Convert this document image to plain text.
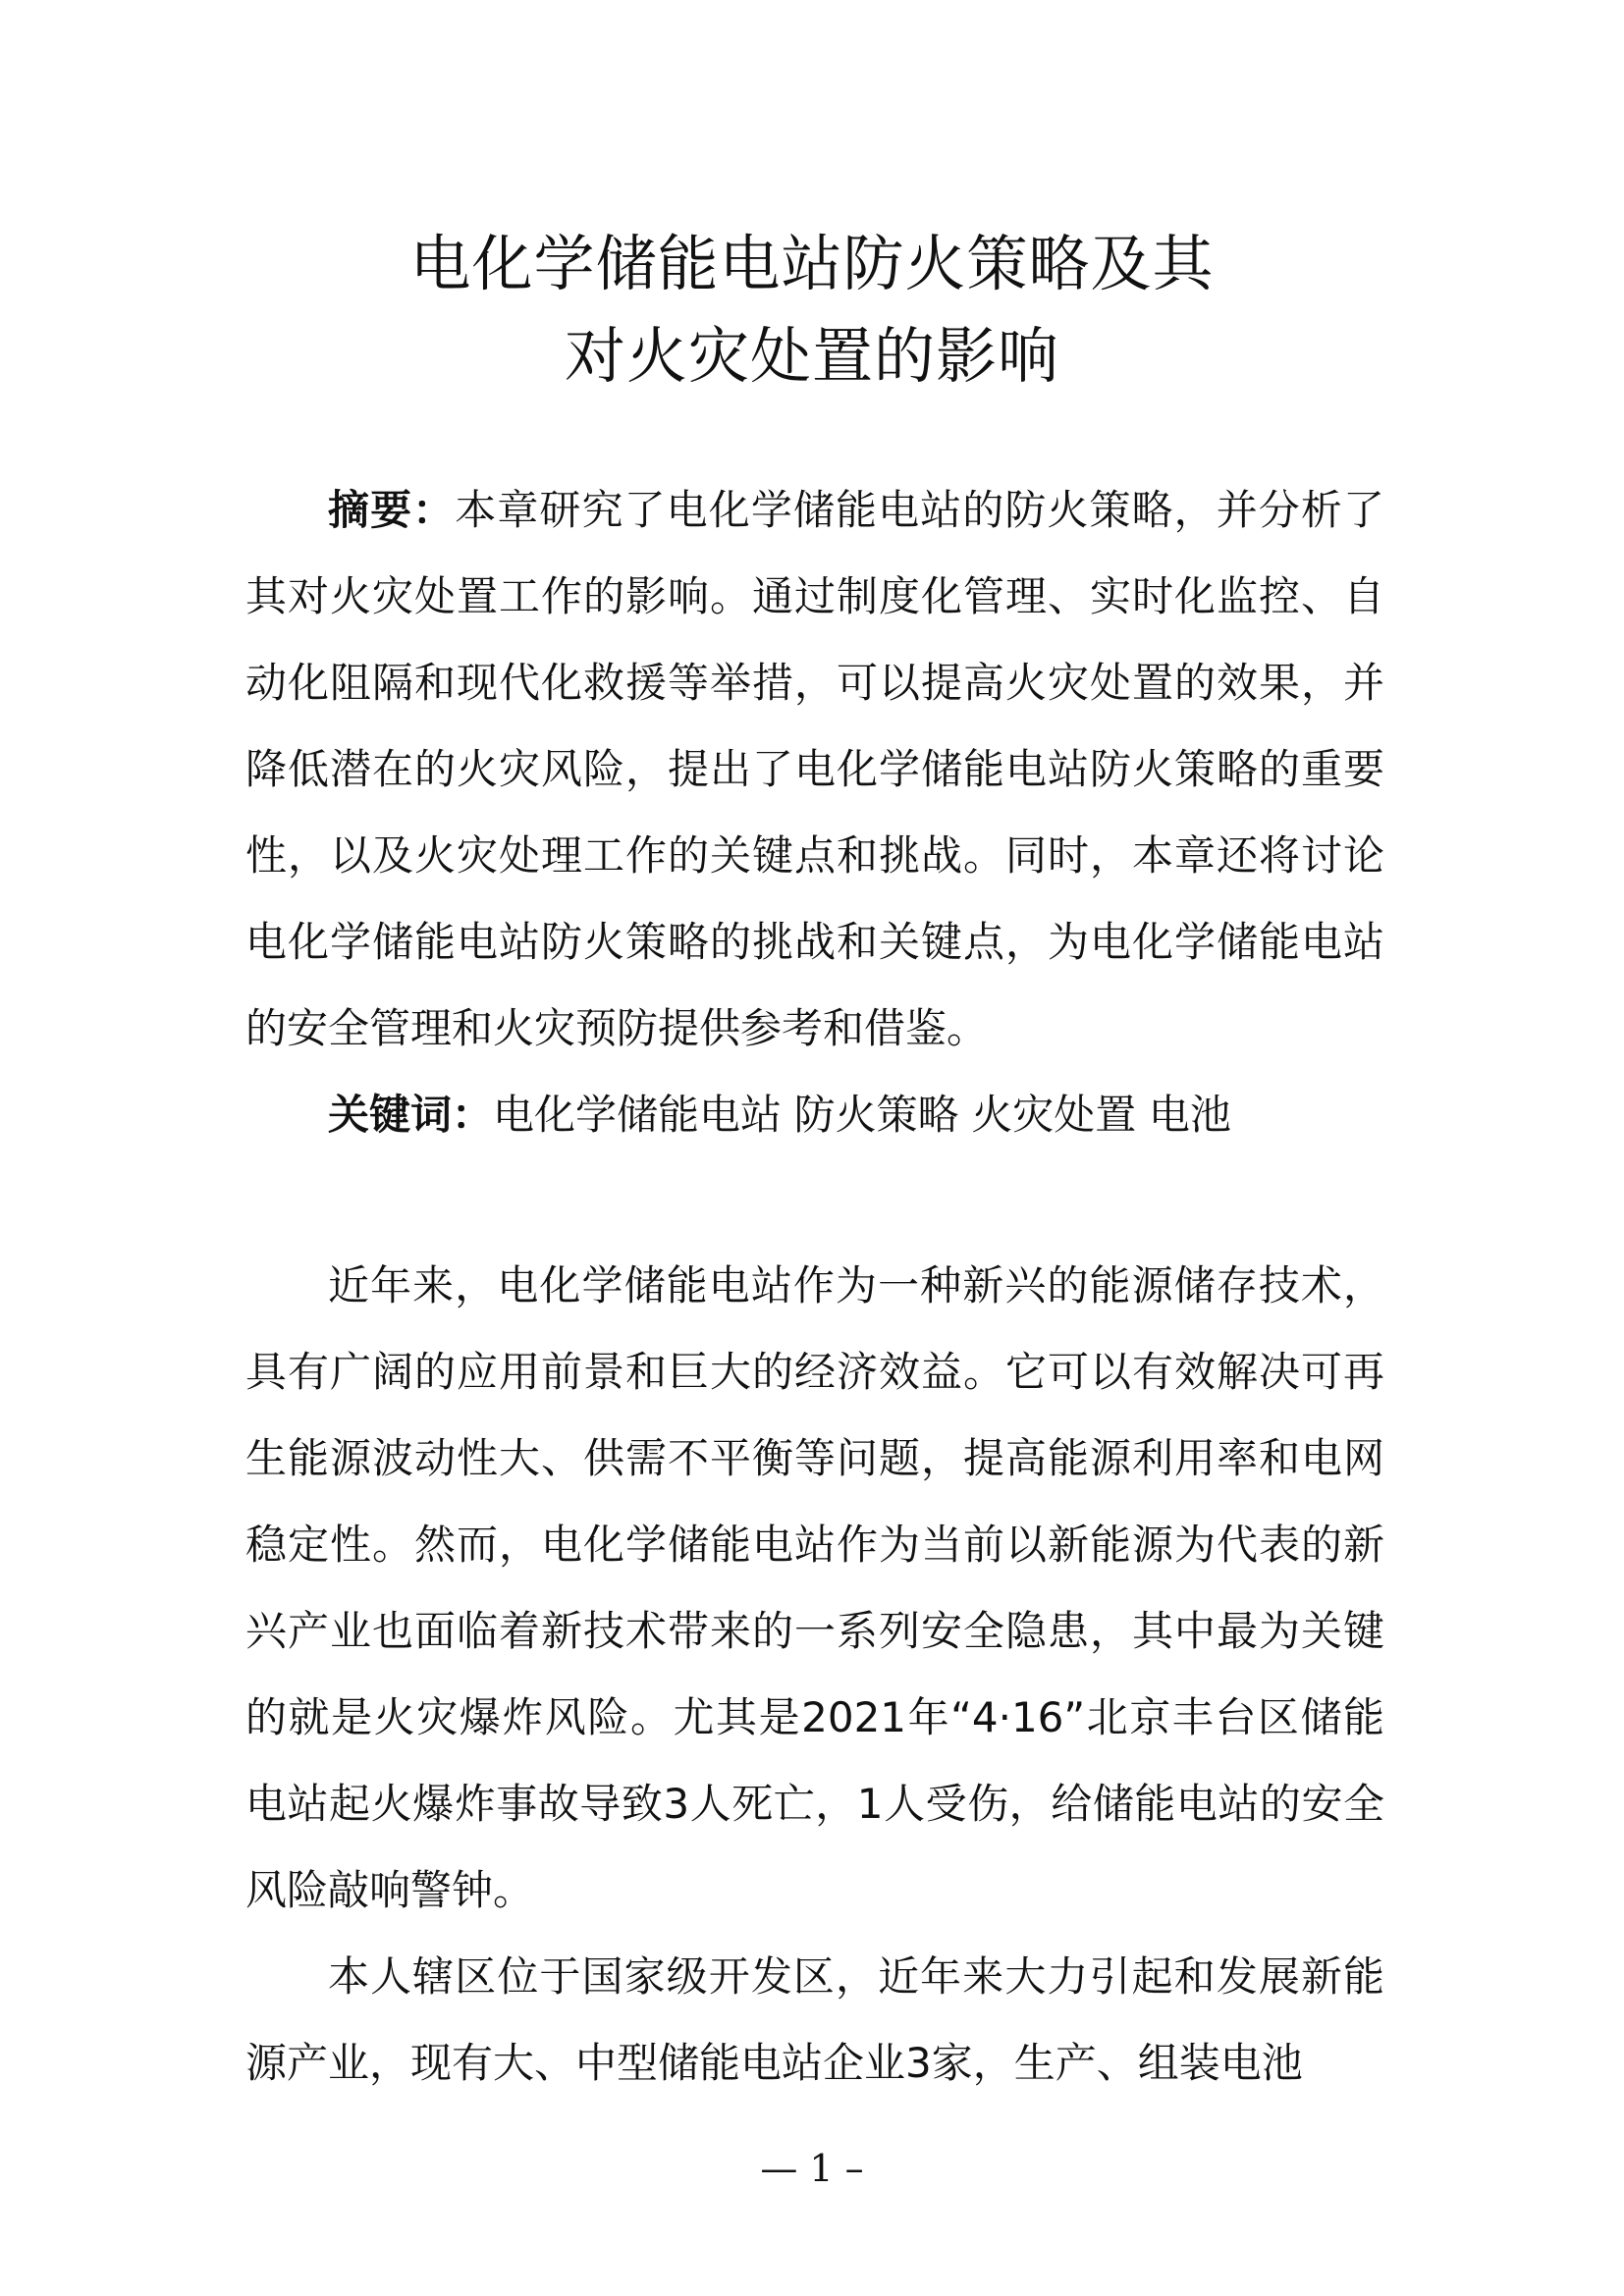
电化学储能电站防火策略及其
对火灾处置的影响

摘要：本章研究了电化学储能电站的防火策略，并分析了其对火灾处置工作的影响。通过制度化管理、实时化监控、自动化阻隔和现代化救援等举措，可以提高火灾处置的效果，并降低潜在的火灾风险，提出了电化学储能电站防火策略的重要性，以及火灾处理工作的关键点和挑战。同时，本章还将讨论电化学储能电站防火策略的挑战和关键点，为电化学储能电站的安全管理和火灾预防提供参考和借鉴。

关键词：电化学储能电站 防火策略 火灾处置 电池

近年来，电化学储能电站作为一种新兴的能源储存技术，具有广阔的应用前景和巨大的经济效益。它可以有效解决可再生能源波动性大、供需不平衡等问题，提高能源利用率和电网稳定性。然而，电化学储能电站作为当前以新能源为代表的新兴产业也面临着新技术带来的一系列安全隐患，其中最为关键的就是火灾爆炸风险。尤其是2021年“4·16”北京丰台区储能电站起火爆炸事故导致3人死亡，1人受伤，给储能电站的安全风险敲响警钟。

本人辖区位于国家级开发区，近年来大力引起和发展新能源产业，现有大、中型储能电站企业3家，生产、组装电池

— 1 –
